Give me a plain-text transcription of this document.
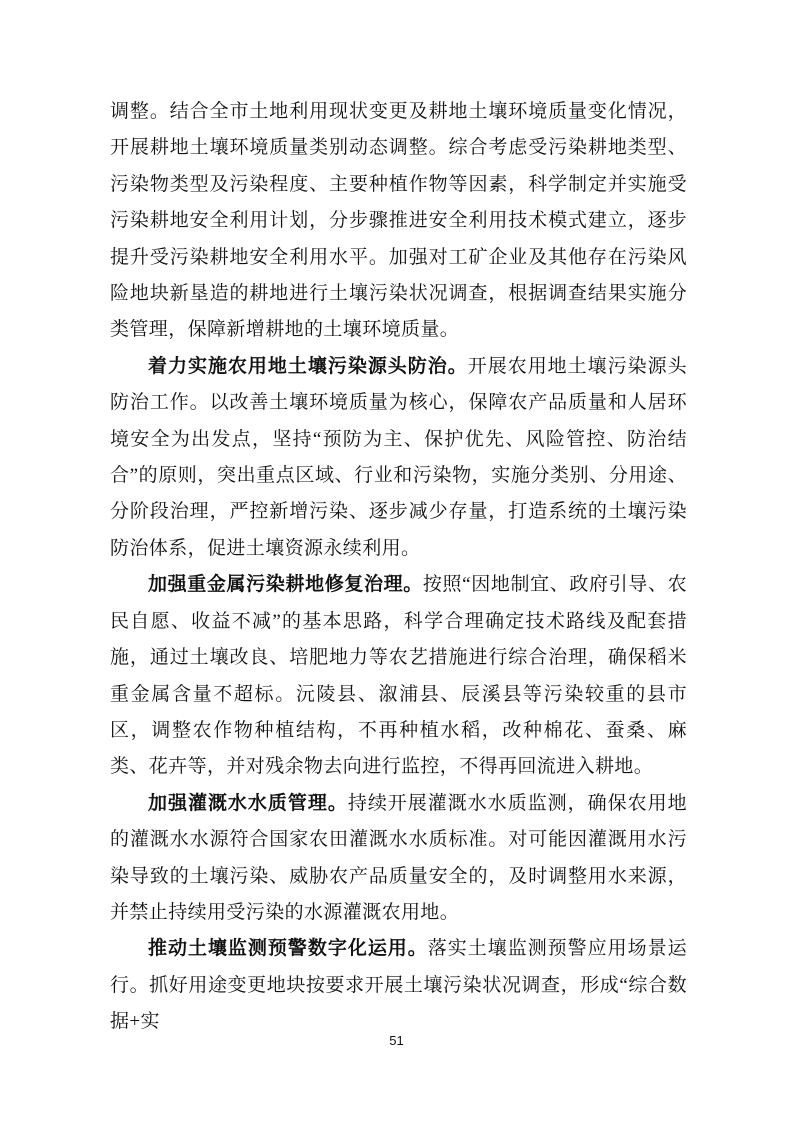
调整。结合全市土地利用现状变更及耕地土壤环境质量变化情况，开展耕地土壤环境质量类别动态调整。综合考虑受污染耕地类型、污染物类型及污染程度、主要种植作物等因素，科学制定并实施受污染耕地安全利用计划，分步骤推进安全利用技术模式建立，逐步提升受污染耕地安全利用水平。加强对工矿企业及其他存在污染风险地块新垦造的耕地进行土壤污染状况调查，根据调查结果实施分类管理，保障新增耕地的土壤环境质量。

着力实施农用地土壤污染源头防治。开展农用地土壤污染源头防治工作。以改善土壤环境质量为核心，保障农产品质量和人居环境安全为出发点，坚持“预防为主、保护优先、风险管控、防治结合”的原则，突出重点区域、行业和污染物，实施分类别、分用途、分阶段治理，严控新增污染、逐步减少存量，打造系统的土壤污染防治体系，促进土壤资源永续利用。

加强重金属污染耕地修复治理。按照“因地制宜、政府引导、农民自愿、收益不减”的基本思路，科学合理确定技术路线及配套措施，通过土壤改良、培肥地力等农艺措施进行综合治理，确保稻米重金属含量不超标。沅陵县、溆浦县、辰溪县等污染较重的县市区，调整农作物种植结构，不再种植水稻，改种棉花、蚕桑、麻类、花卉等，并对残余物去向进行监控，不得再回流进入耕地。

加强灌溉水水质管理。持续开展灌溉水水质监测，确保农用地的灌溉水水源符合国家农田灌溉水水质标准。对可能因灌溉用水污染导致的土壤污染、威胁农产品质量安全的，及时调整用水来源，并禁止持续用受污染的水源灌溉农用地。

推动土壤监测预警数字化运用。落实土壤监测预警应用场景运行。抓好用途变更地块按要求开展土壤污染状况调查，形成“综合数据+实

51
